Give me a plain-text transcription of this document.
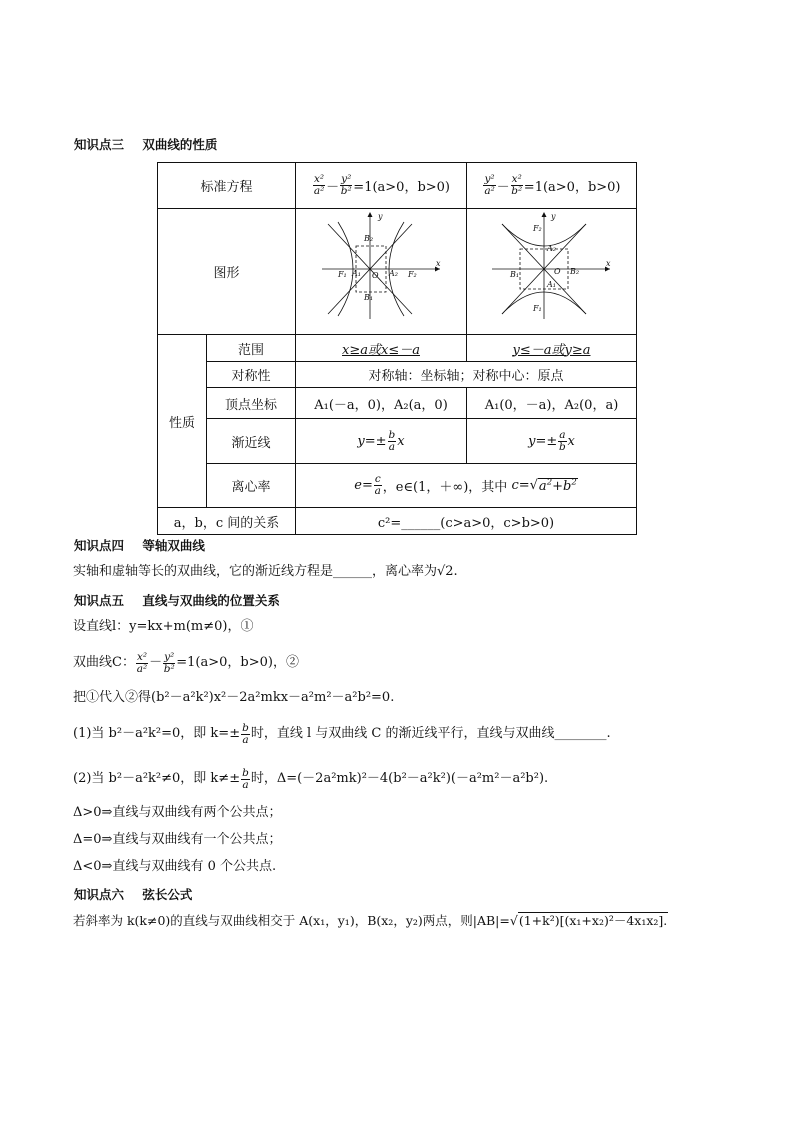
知识点三 双曲线的性质
标准方程	$\frac{\text{x²}}{\text{a²}} - \frac{\text{y²}}{\text{b²}} =1(a>0$，b>0)	$\frac{\text{y²}}{\text{a²}} - \frac{\text{x²}}{\text{b²}} =1(a>0$，b>0)
图形
x
y
O
F₁	F₂
A₁	A₂
B₁
B₂
x
y
O
F₂
F₁
A₂
A₁
B₁	B₂
性质
范围	x≥a或x≤－a	y≤－a或y≥a
对称性	对称轴：坐标轴；对称中心：原点
顶点坐标	A₁(－a，0)，A₂(a，0)	A₁(0，－a)，A₂(0，a)
渐近线	$y=\pm \frac{b}{a}$ x	$y=\pm \frac{a}{b}$ x
离心率	$e= \frac{c}{a}$ ，e∈(1，＋∞)，其中
c= √ $a^2+b^2$
a，b，c 间的关系	c²=______(c>a>0，c>b>0)
知识点四 等轴双曲线
实轴和虚轴等长的双曲线，它的渐近线方程是______，离心率为√2.
知识点五 直线与双曲线的位置关系
设直线l：y=kx+m(m≠0)，①
双曲线C： $\frac{\text{x²}}{\text{a²}} - \frac{\text{y²}}{\text{b²}} =1(a>0$，b>0)，②
把①代入②得(b²－a²k²)x²－2a²mkx－a²m²－a²b²=0.
(1)当 b²－a²k²=0，即 $k=\pm \frac{b}{a}$ 时，直线 l 与双曲线 C 的渐近线平行，直线与双曲线________.
(2)当 b²－a²k²≠0，即 $k\ne\pm \frac{b}{a}$ 时，Δ=(－2a²mk)²－4(b²－a²k²)(－a²m²－a²b²).
Δ>0⇒直线与双曲线有两个公共点；
Δ=0⇒直线与双曲线有一个公共点；
Δ<0⇒直线与双曲线有 0 个公共点.
知识点六 弦长公式
若斜率为 k(k≠0)的直线与双曲线相交于 A(x₁，y₁)，B(x₂，y₂)两点，则|AB|=√(1+k²)[(x₁+x₂)²－4x₁x₂].
